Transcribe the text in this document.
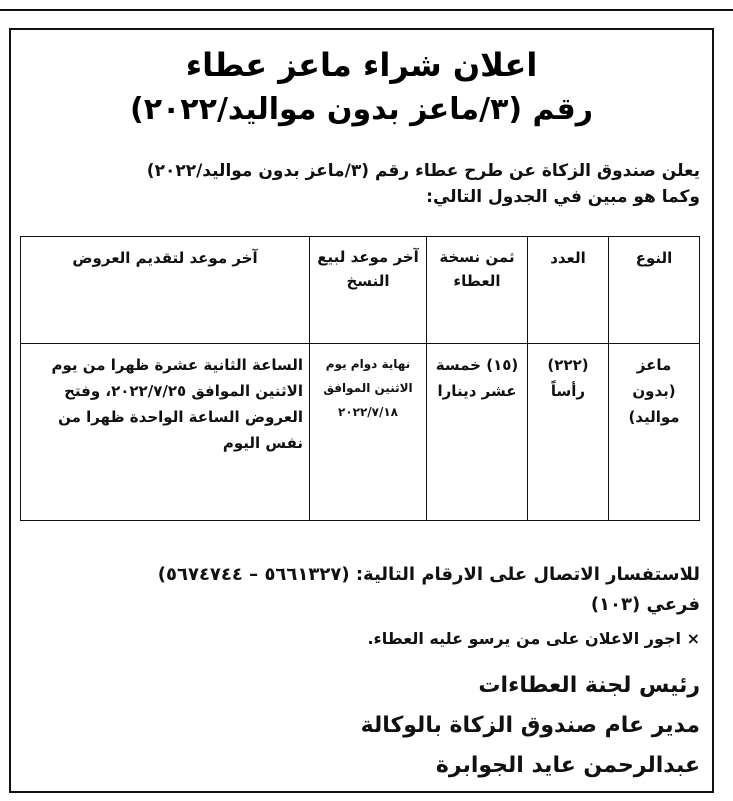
اعلان شراء ماعز عطاء
رقم (٣/ماعز بدون مواليد/٢٠٢٢)
يعلن صندوق الزكاة عن طرح عطاء رقم (٣/ماعز بدون مواليد/٢٠٢٢)
وكما هو مبين في الجدول التالي:
النوع	العدد	ثمن نسخة العطاء	آخر موعد لبيع النسخ	آخر موعد لتقديم العروض
ماعز (بدون مواليد)	(٢٢٢) رأساً	(١٥) خمسة عشر دينارا	نهاية دوام يوم الاثنين الموافق ٢٠٢٢/٧/١٨	الساعة الثانية عشرة ظهرا من يوم الاثنين الموافق ٢٠٢٢/٧/٢٥، وفتح العروض الساعة الواحدة ظهرا من نفس اليوم
للاستفسار الاتصال على الارقام التالية: (٥٦٦١٣٢٧ – ٥٦٧٤٧٤٤)
فرعي (١٠٣)
× اجور الاعلان على من يرسو عليه العطاء.
رئيس لجنة العطاءات
مدير عام صندوق الزكاة بالوكالة
عبدالرحمن عايد الجوابرة
